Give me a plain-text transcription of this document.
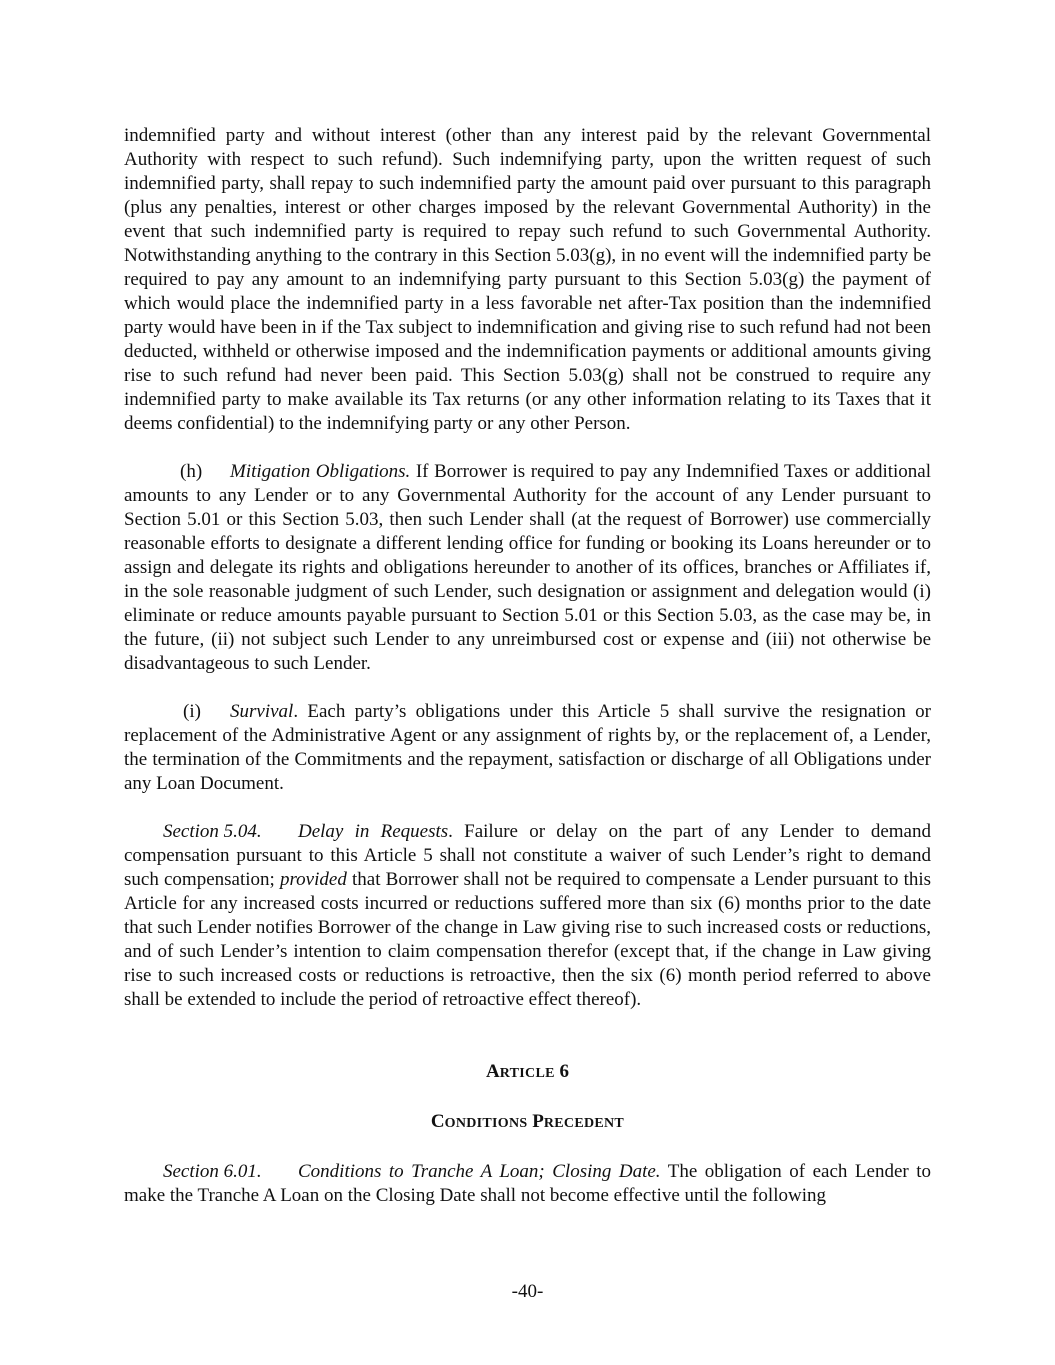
indemnified party and without interest (other than any interest paid by the relevant Governmental Authority with respect to such refund). Such indemnifying party, upon the written request of such indemnified party, shall repay to such indemnified party the amount paid over pursuant to this paragraph (plus any penalties, interest or other charges imposed by the relevant Governmental Authority) in the event that such indemnified party is required to repay such refund to such Governmental Authority. Notwithstanding anything to the contrary in this Section 5.03(g), in no event will the indemnified party be required to pay any amount to an indemnifying party pursuant to this Section 5.03(g) the payment of which would place the indemnified party in a less favorable net after-Tax position than the indemnified party would have been in if the Tax subject to indemnification and giving rise to such refund had not been deducted, withheld or otherwise imposed and the indemnification payments or additional amounts giving rise to such refund had never been paid. This Section 5.03(g) shall not be construed to require any indemnified party to make available its Tax returns (or any other information relating to its Taxes that it deems confidential) to the indemnifying party or any other Person.

(h) Mitigation Obligations. If Borrower is required to pay any Indemnified Taxes or additional amounts to any Lender or to any Governmental Authority for the account of any Lender pursuant to Section 5.01 or this Section 5.03, then such Lender shall (at the request of Borrower) use commercially reasonable efforts to designate a different lending office for funding or booking its Loans hereunder or to assign and delegate its rights and obligations hereunder to another of its offices, branches or Affiliates if, in the sole reasonable judgment of such Lender, such designation or assignment and delegation would (i) eliminate or reduce amounts payable pursuant to Section 5.01 or this Section 5.03, as the case may be, in the future, (ii) not subject such Lender to any unreimbursed cost or expense and (iii) not otherwise be disadvantageous to such Lender.

(i) Survival. Each party’s obligations under this Article 5 shall survive the resignation or replacement of the Administrative Agent or any assignment of rights by, or the replacement of, a Lender, the termination of the Commitments and the repayment, satisfaction or discharge of all Obligations under any Loan Document.

Section 5.04. Delay in Requests. Failure or delay on the part of any Lender to demand compensation pursuant to this Article 5 shall not constitute a waiver of such Lender’s right to demand such compensation; provided that Borrower shall not be required to compensate a Lender pursuant to this Article for any increased costs incurred or reductions suffered more than six (6) months prior to the date that such Lender notifies Borrower of the change in Law giving rise to such increased costs or reductions, and of such Lender’s intention to claim compensation therefor (except that, if the change in Law giving rise to such increased costs or reductions is retroactive, then the six (6) month period referred to above shall be extended to include the period of retroactive effect thereof).

ARTICLE 6

CONDITIONS PRECEDENT

Section 6.01. Conditions to Tranche A Loan; Closing Date. The obligation of each Lender to make the Tranche A Loan on the Closing Date shall not become effective until the following

-40-
